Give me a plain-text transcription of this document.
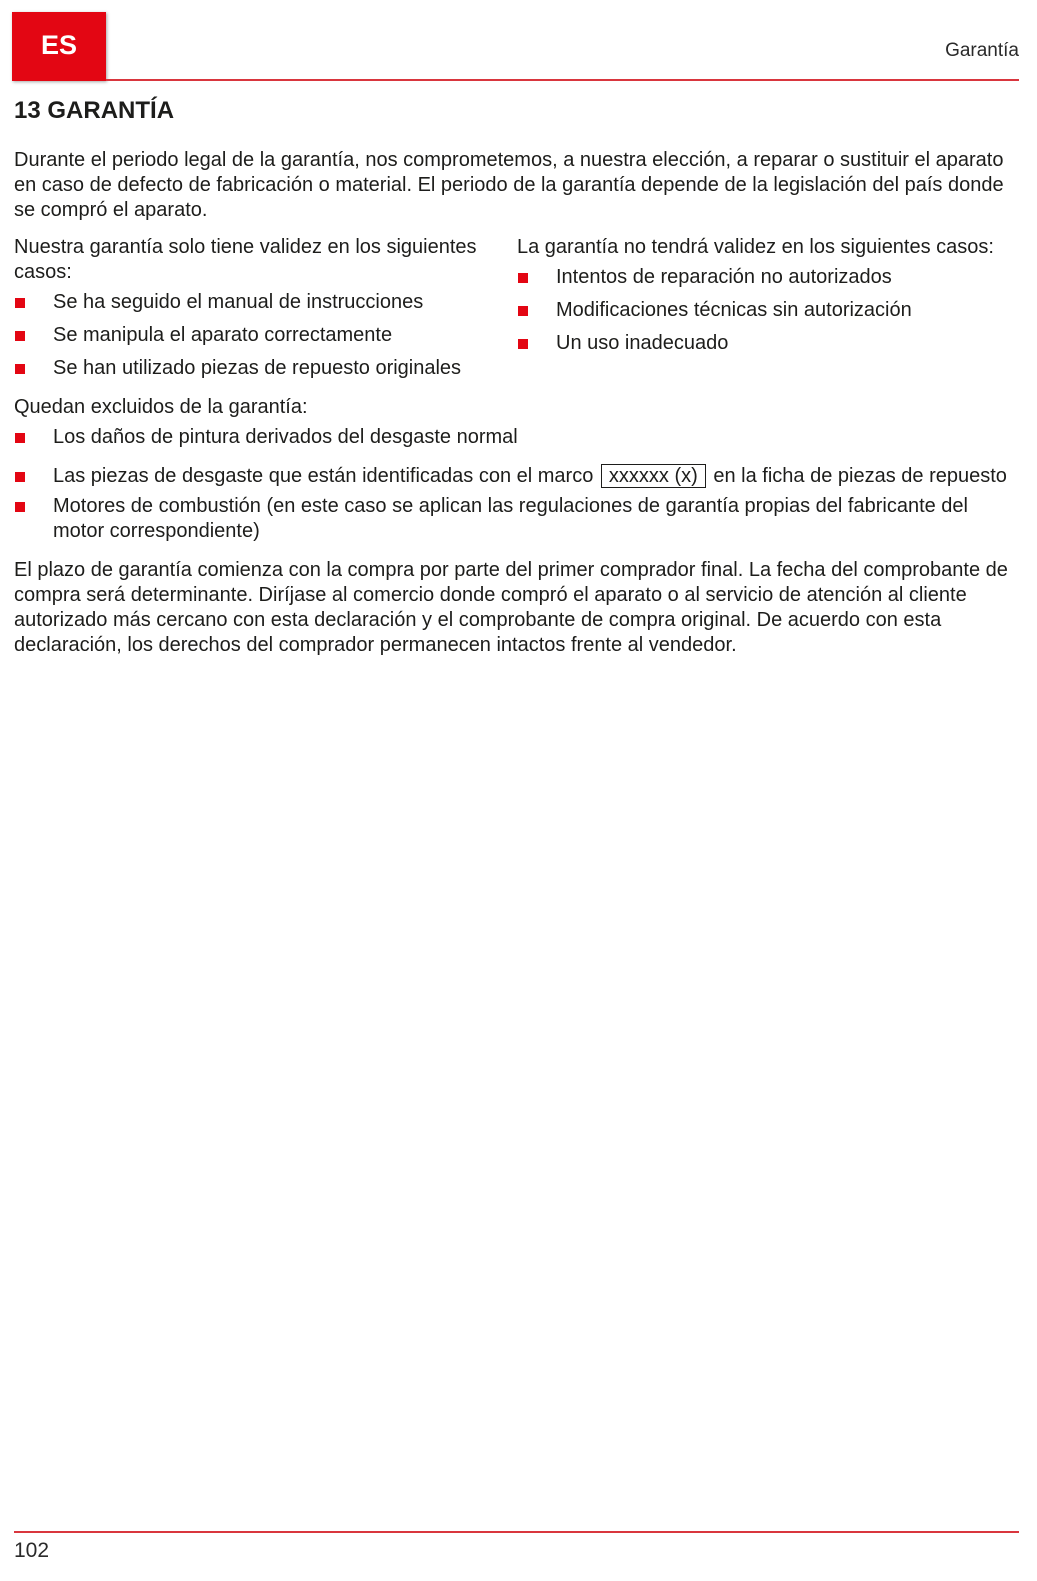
ES	Garantía
13 GARANTÍA

Durante el periodo legal de la garantía, nos comprometemos, a nuestra elección, a reparar o sustituir el aparato en caso de defecto de fabricación o material. El periodo de la garantía depende de la legislación del país donde se compró el aparato.

Nuestra garantía solo tiene validez en los siguientes casos:

Se ha seguido el manual de instrucciones
Se manipula el aparato correctamente
Se han utilizado piezas de repuesto originales

La garantía no tendrá validez en los siguientes casos:

Intentos de reparación no autorizados
Modificaciones técnicas sin autorización
Un uso inadecuado

Quedan excluidos de la garantía:

Los daños de pintura derivados del desgaste normal
Las piezas de desgaste que están identificadas con el marco xxxxxx (x) en la ficha de piezas de repuesto
Motores de combustión (en este caso se aplican las regulaciones de garantía propias del fabricante del motor correspondiente)

El plazo de garantía comienza con la compra por parte del primer comprador final. La fecha del comprobante de compra será determinante. Diríjase al comercio donde compró el aparato o al servicio de atención al cliente autorizado más cercano con esta declaración y el comprobante de compra original. De acuerdo con esta declaración, los derechos del comprador permanecen intactos frente al vendedor.

102
